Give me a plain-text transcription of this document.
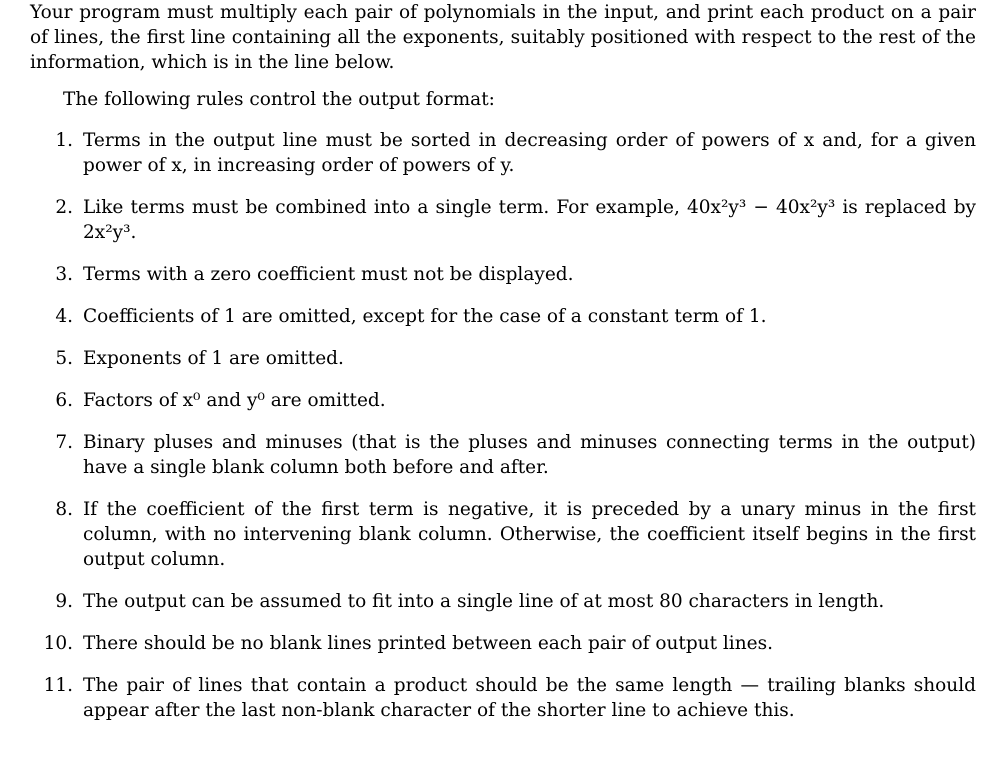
Your program must multiply each pair of polynomials in the input, and print each product on a pair of lines, the first line containing all the exponents, suitably positioned with respect to the rest of the information, which is in the line below.

The following rules control the output format:

1. Terms in the output line must be sorted in decreasing order of powers of x and, for a given power of x, in increasing order of powers of y.
2. Like terms must be combined into a single term. For example, 40x²y³ − 40x²y³ is replaced by 2x²y³.
3. Terms with a zero coefficient must not be displayed.
4. Coefficients of 1 are omitted, except for the case of a constant term of 1.
5. Exponents of 1 are omitted.
6. Factors of x⁰ and y⁰ are omitted.
7. Binary pluses and minuses (that is the pluses and minuses connecting terms in the output) have a single blank column both before and after.
8. If the coefficient of the first term is negative, it is preceded by a unary minus in the first column, with no intervening blank column. Otherwise, the coefficient itself begins in the first output column.
9. The output can be assumed to fit into a single line of at most 80 characters in length.
10. There should be no blank lines printed between each pair of output lines.
11. The pair of lines that contain a product should be the same length — trailing blanks should appear after the last non-blank character of the shorter line to achieve this.
